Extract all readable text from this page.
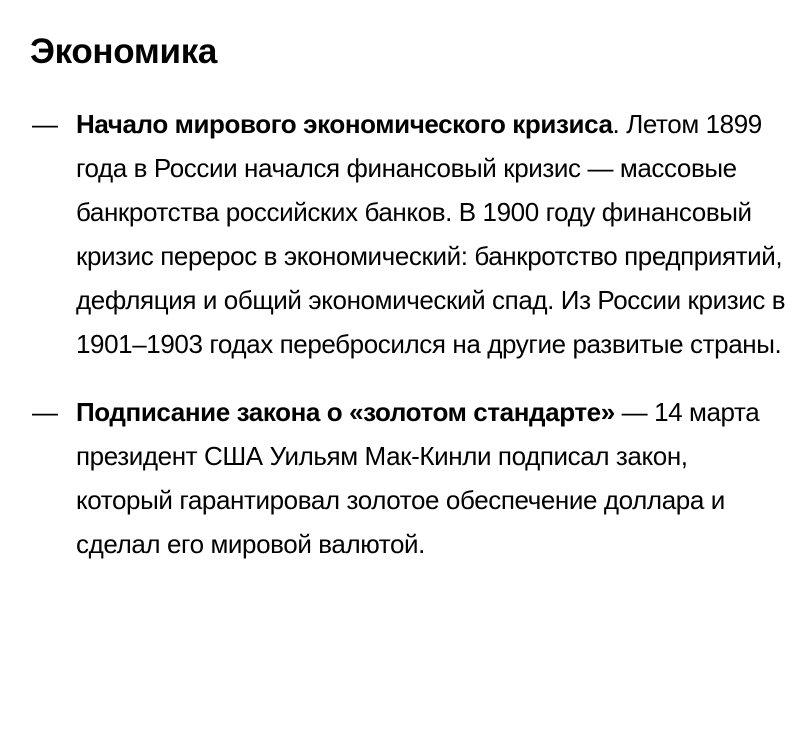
Экономика
— Начало мирового экономического кризиса. Летом 1899 года в России начался финансовый кризис — массовые банкротства российских банков. В 1900 году финансовый кризис перерос в экономический: банкротство предприятий, дефляция и общий экономический спад. Из России кризис в 1901–1903 годах перебросился на другие развитые страны.
— Подписание закона о «золотом стандарте» — 14 марта президент США Уильям Мак-Кинли подписал закон, который гарантировал золотое обеспечение доллара и сделал его мировой валютой.
